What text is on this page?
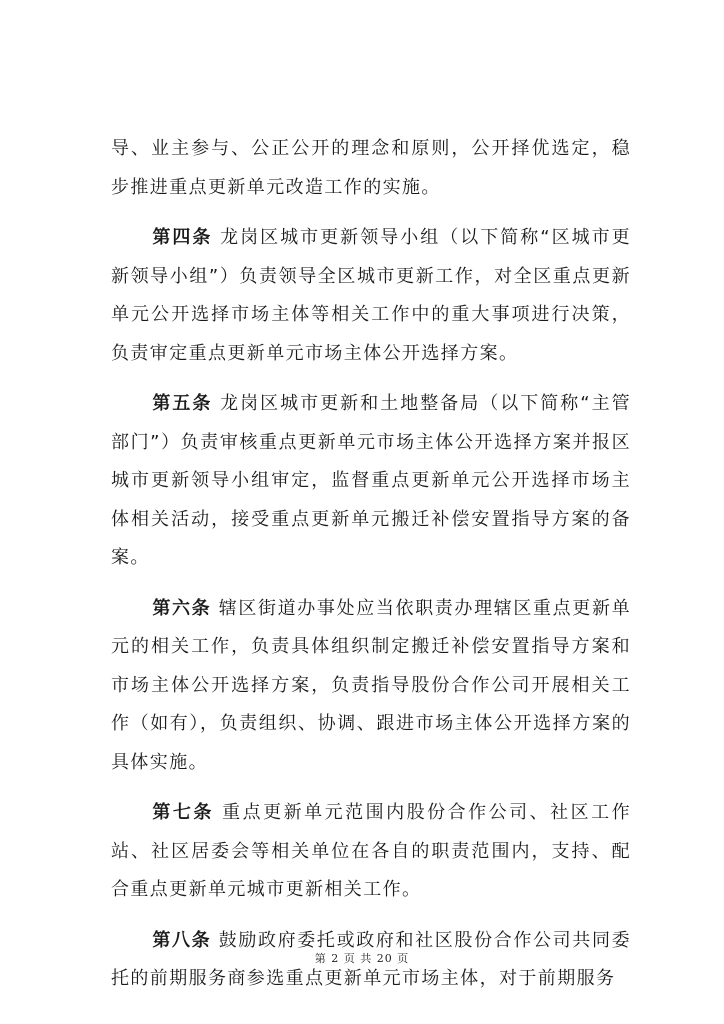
导、业主参与、公正公开的理念和原则，公开择优选定，稳步推进重点更新单元改造工作的实施。

第四条 龙岗区城市更新领导小组（以下简称“区城市更新领导小组”）负责领导全区城市更新工作，对全区重点更新单元公开选择市场主体等相关工作中的重大事项进行决策，负责审定重点更新单元市场主体公开选择方案。

第五条 龙岗区城市更新和土地整备局（以下简称“主管部门”）负责审核重点更新单元市场主体公开选择方案并报区城市更新领导小组审定，监督重点更新单元公开选择市场主体相关活动，接受重点更新单元搬迁补偿安置指导方案的备案。

第六条 辖区街道办事处应当依职责办理辖区重点更新单元的相关工作，负责具体组织制定搬迁补偿安置指导方案和市场主体公开选择方案，负责指导股份合作公司开展相关工作（如有），负责组织、协调、跟进市场主体公开选择方案的具体实施。

第七条 重点更新单元范围内股份合作公司、社区工作站、社区居委会等相关单位在各自的职责范围内，支持、配合重点更新单元城市更新相关工作。

第八条 鼓励政府委托或政府和社区股份合作公司共同委托的前期服务商参选重点更新单元市场主体，对于前期服务

第 2 页 共 20 页
